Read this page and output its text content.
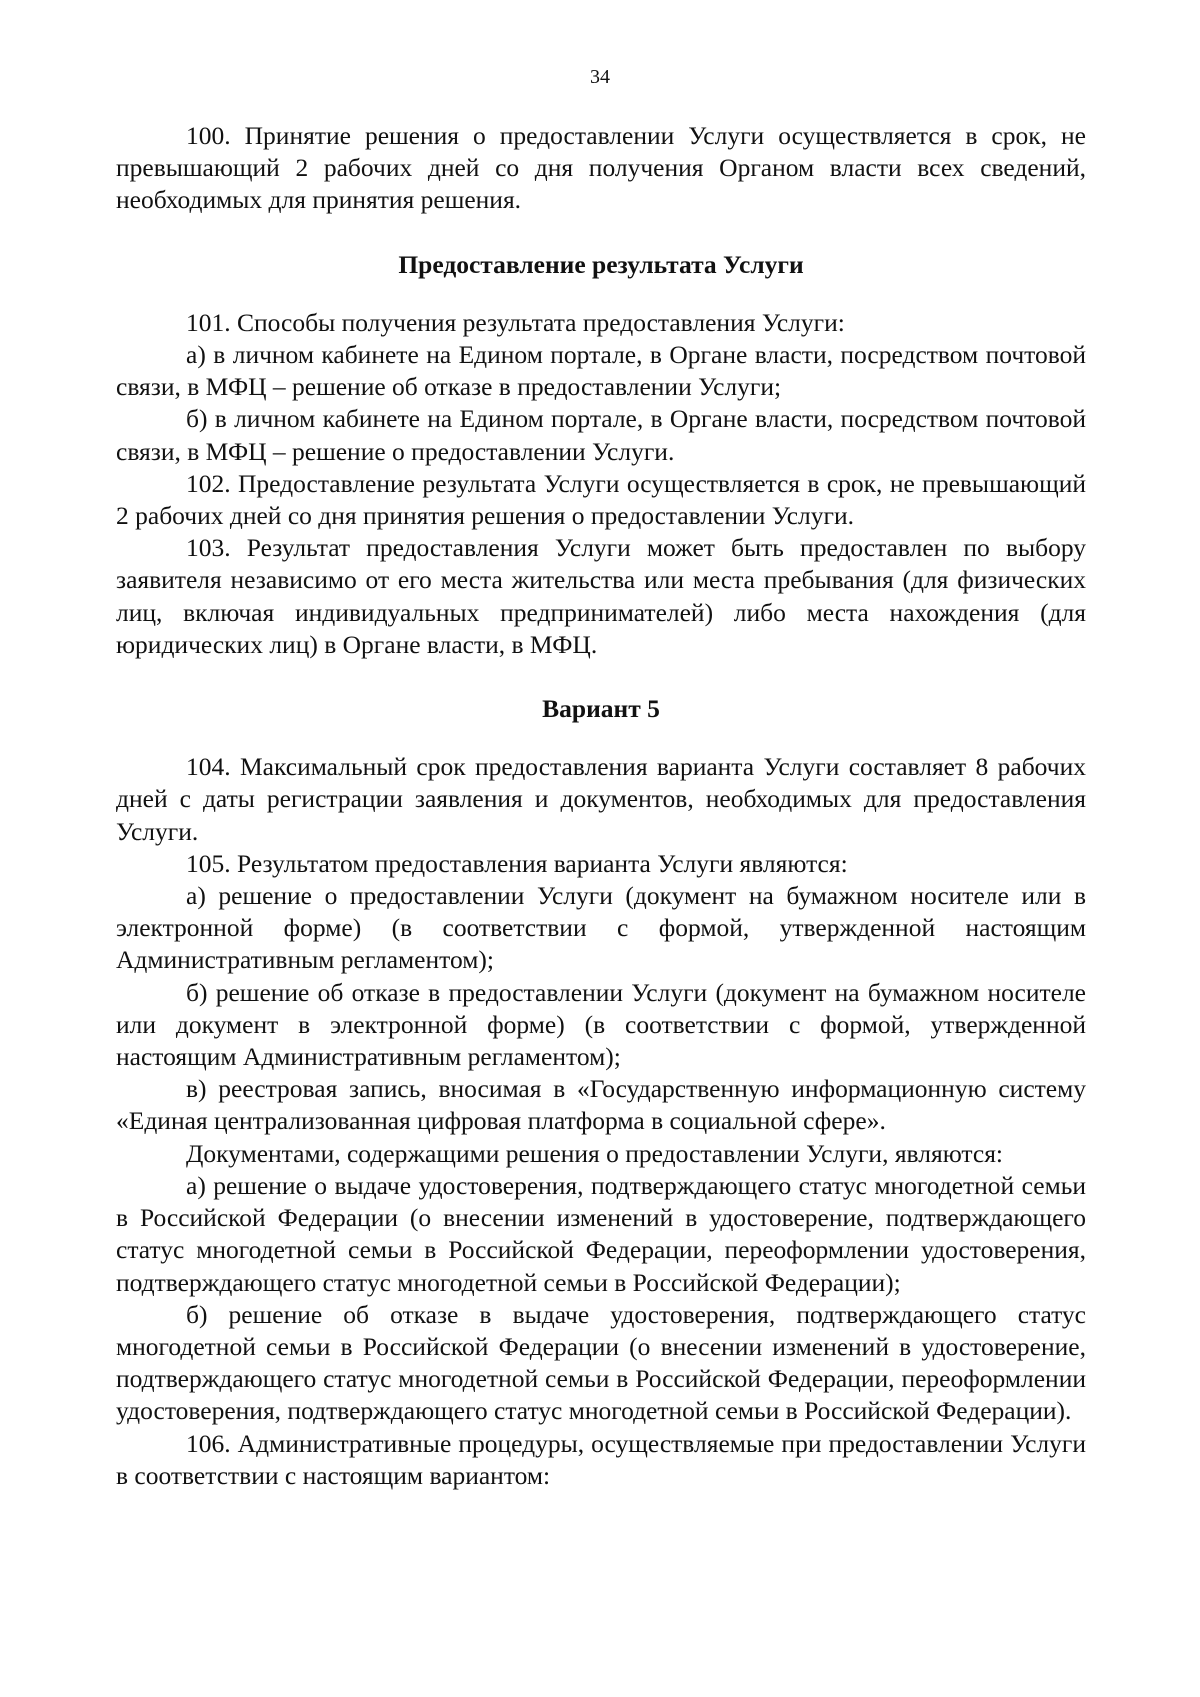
34

100. Принятие решения о предоставлении Услуги осуществляется в срок, не превышающий 2 рабочих дней со дня получения Органом власти всех сведений, необходимых для принятия решения.

Предоставление результата Услуги

101. Способы получения результата предоставления Услуги:

а) в личном кабинете на Едином портале, в Органе власти, посредством почтовой связи, в МФЦ – решение об отказе в предоставлении Услуги;

б) в личном кабинете на Едином портале, в Органе власти, посредством почтовой связи, в МФЦ – решение о предоставлении Услуги.

102. Предоставление результата Услуги осуществляется в срок, не превышающий 2 рабочих дней со дня принятия решения о предоставлении Услуги.

103. Результат предоставления Услуги может быть предоставлен по выбору заявителя независимо от его места жительства или места пребывания (для физических лиц, включая индивидуальных предпринимателей) либо места нахождения (для юридических лиц) в Органе власти, в МФЦ.

Вариант 5

104. Максимальный срок предоставления варианта Услуги составляет 8 рабочих дней с даты регистрации заявления и документов, необходимых для предоставления Услуги.

105. Результатом предоставления варианта Услуги являются:

а) решение о предоставлении Услуги (документ на бумажном носителе или в электронной форме) (в соответствии с формой, утвержденной настоящим Административным регламентом);

б) решение об отказе в предоставлении Услуги (документ на бумажном носителе или документ в электронной форме) (в соответствии с формой, утвержденной настоящим Административным регламентом);

в) реестровая запись, вносимая в «Государственную информационную систему «Единая централизованная цифровая платформа в социальной сфере».

Документами, содержащими решения о предоставлении Услуги, являются:

а) решение о выдаче удостоверения, подтверждающего статус многодетной семьи в Российской Федерации (о внесении изменений в удостоверение, подтверждающего статус многодетной семьи в Российской Федерации, переоформлении удостоверения, подтверждающего статус многодетной семьи в Российской Федерации);

б) решение об отказе в выдаче удостоверения, подтверждающего статус многодетной семьи в Российской Федерации (о внесении изменений в удостоверение, подтверждающего статус многодетной семьи в Российской Федерации, переоформлении удостоверения, подтверждающего статус многодетной семьи в Российской Федерации).

106. Административные процедуры, осуществляемые при предоставлении Услуги в соответствии с настоящим вариантом:
